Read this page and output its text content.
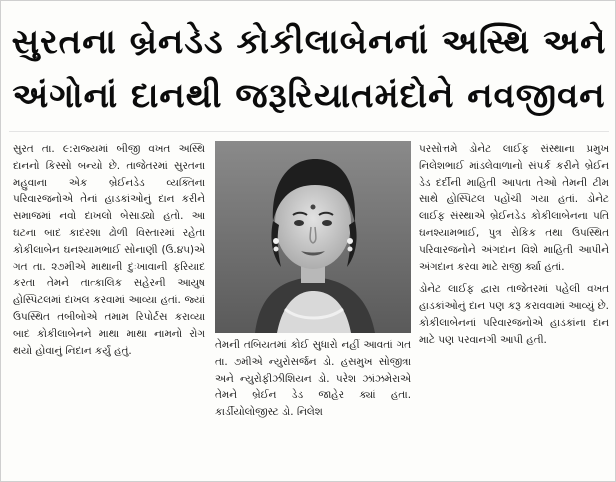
સુરતના બ્રેનડેડ કોકીલાબેનનાં અસ્થિ અને
અંગોનાં દાનથી જરૂરિયાતમંદોને નવજીવન

સુરત તા. ૯:રાજ્યમાં બીજી વખત અસ્થિ દાનનો કિસ્સો બન્યો છે. તાજેતરમાં સુરતના મહુવાના એક બ્રેઈનડેડ વ્યક્તિના પરિવારજનોએ તેનાં હાડકાંઓનું દાન કરીને સમાજમાં નવો દાખલો બેસાડ્યો હતો. આ ઘટના બાદ કાદરશા ઢોળી વિસ્તારમાં રહેતા કોકીલાબેન ઘનશ્યામભાઈ સોનાણી (ઉ.૪૫)એ ગત તા. ૨૭મીએ માથાની દુઃખાવાની ફરિયાદ કરતા તેમને તાત્કાલિક સહેરની આયુષ હોસ્પિટલમાં દાખલ કરવામાં આવ્યા હતાં. જ્યાં ઉપસ્થિત તબીબોએ તમામ રિપોર્ટસ કરાવ્યા બાદ કોકીલાબેનને માથા માથા નામનો રોગ થયો હોવાનું નિદાન કર્યું હતું.	તેમની તબિયતમાં કોઈ સુધારો નહીં આવતાં ગત તા. ૭મીએ ન્યુરોસર્જન ડો. હસમુખ સોજીત્રા અને ન્યુરોફીઝીશિયન ડો. પરેશ ઝાંઝમેરાએ તેમને બ્રેઈન ડેડ જાહેર ક્યાં હતા. કાર્ડીયોલોજીસ્ટ ડો. નિલેશ

પરસોત્તમે ડોનેટ લાઈફ સંસ્થાના પ્રમુખ નિલેશભાઈ માંડલેવાળાનો સંપર્ક કરીને બ્રેઈન ડેડ દર્દીની માહિતી આપતા તેઓ તેમની ટીમ સાથે હોસ્પિટલ પહોંચી ગયા હતાં. ડોનેટ લાઈફ સંસ્થાએ બ્રેઈનડેડ કોકીલાબેનના પતિ ઘનશ્યામભાઈ, પુત્ર રોકિક તથા ઉપસ્થિત પરિવારજનોને અંગદાન વિશે માહિતી આપીને અંગદાન કરવા માટે રાજી ર્ક્યા હતાં.

ડોનેટ લાઈફ દ્વારા તાજેતરમાં પહેલી વખત હાડકાંઓનું દાન પણ કરૂ કરાવવામાં આવ્યું છે. કોકીલાબેનનાં પરિવારજનોએ હાડકાંના દાન માટે પણ પરવાનગી આપી હતી.
